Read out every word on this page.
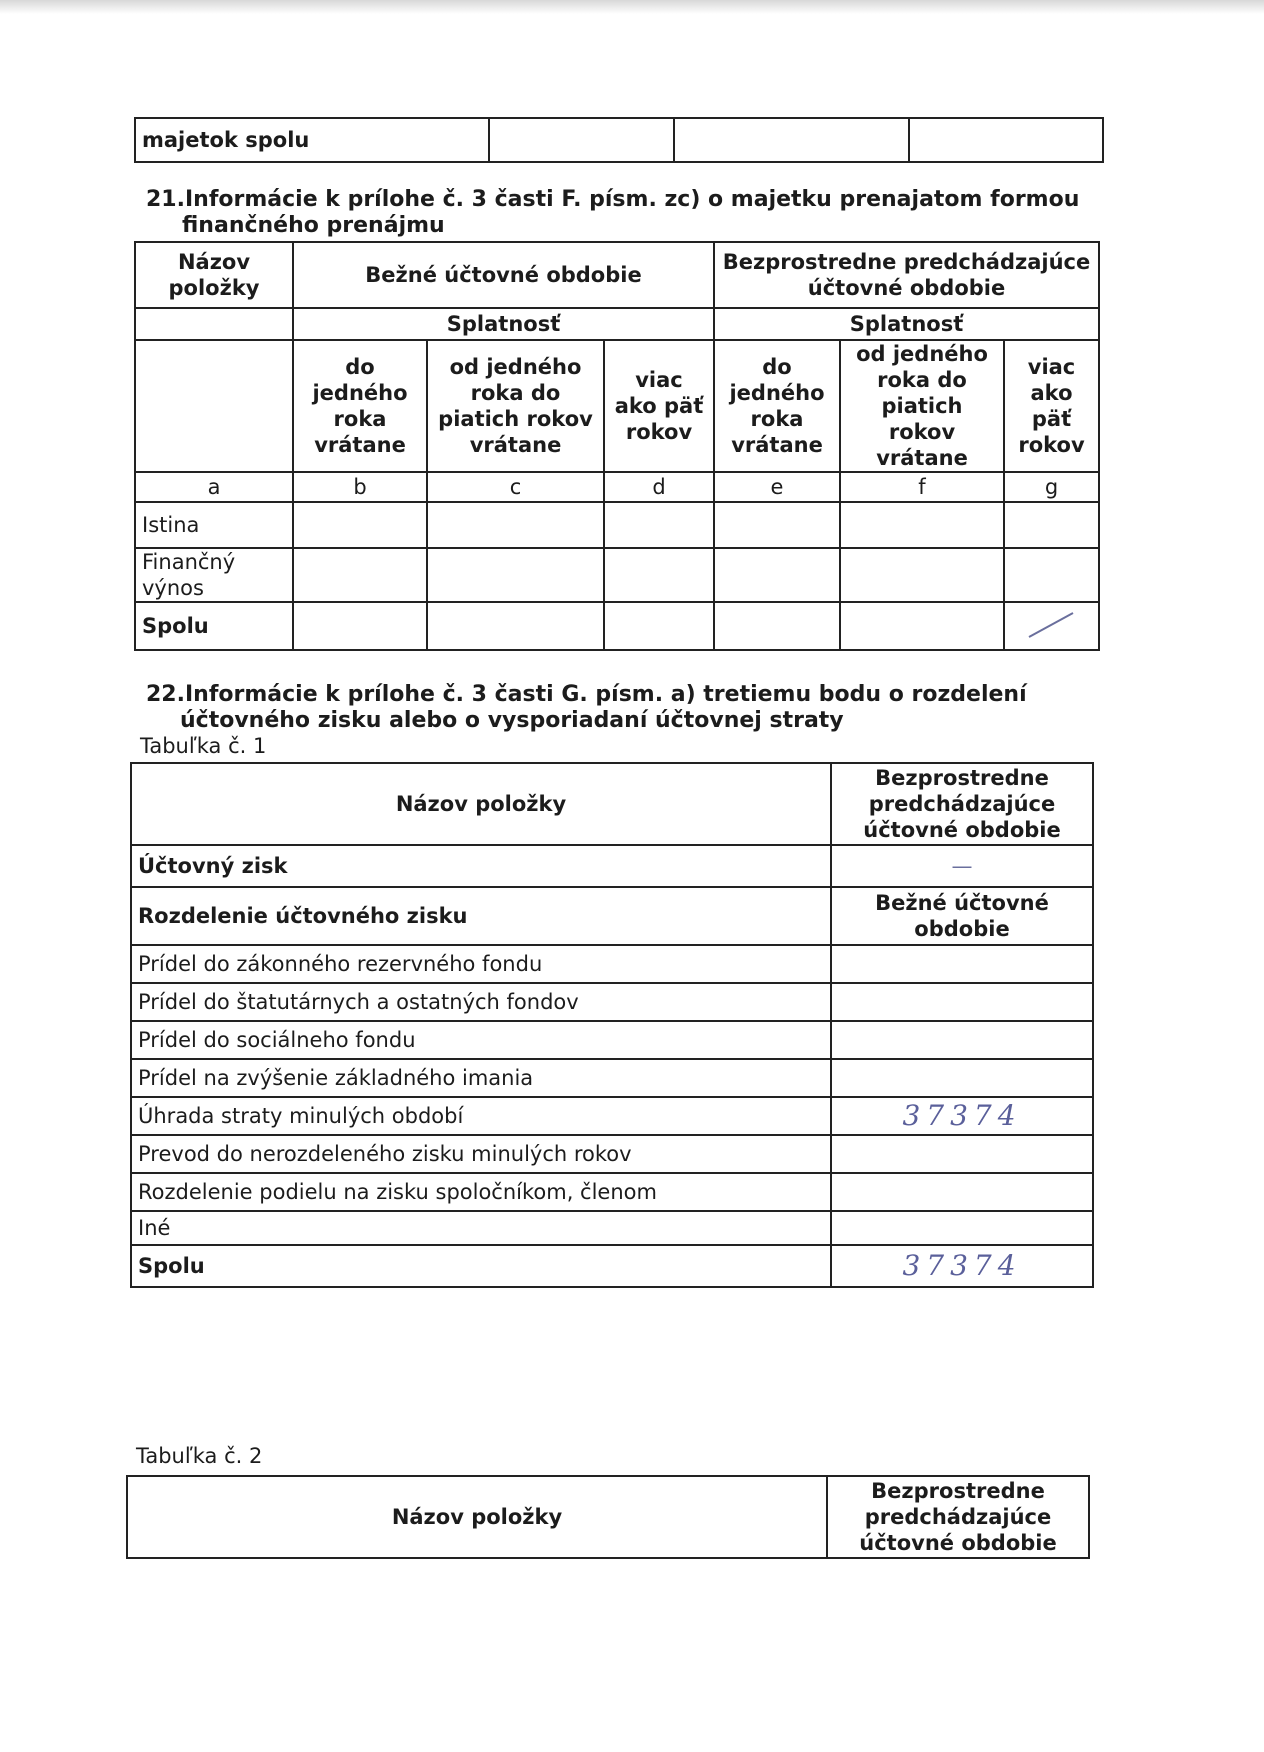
majetok spolu			
21.Informácie k prílohe č. 3 časti F. písm. zc) o majetku prenajatom formou
finančného prenájmu
Názov položky	Bežné účtovné obdobie			Bezprostredne predchádzajúce účtovné obdobie		
	Splatnosť			Splatnosť		
	do jedného roka vrátane	od jedného roka do piatich rokov vrátane	viac ako päť rokov	do jedného roka vrátane	od jedného roka do piatich rokov vrátane	viac ako päť rokov
a	b	c	d	e	f	g
Istina						
Finančný výnos						
Spolu						
22.Informácie k prílohe č. 3 časti G. písm. a) tretiemu bodu o rozdelení
účtovného zisku alebo o vysporiadaní účtovnej straty
Tabuľka č. 1
Názov položky	Bezprostredne predchádzajúce účtovné obdobie
Účtovný zisk	—
Rozdelenie účtovného zisku	Bežné účtovné obdobie
Prídel do zákonného rezervného fondu	
Prídel do štatutárnych a ostatných fondov	
Prídel do sociálneho fondu	
Prídel na zvýšenie základného imania	
Úhrada straty minulých období	37374
Prevod do nerozdeleného zisku minulých rokov	
Rozdelenie podielu na zisku spoločníkom, členom	
Iné	
Spolu	37374
Tabuľka č. 2
Názov položky	Bezprostredne predchádzajúce účtovné obdobie
